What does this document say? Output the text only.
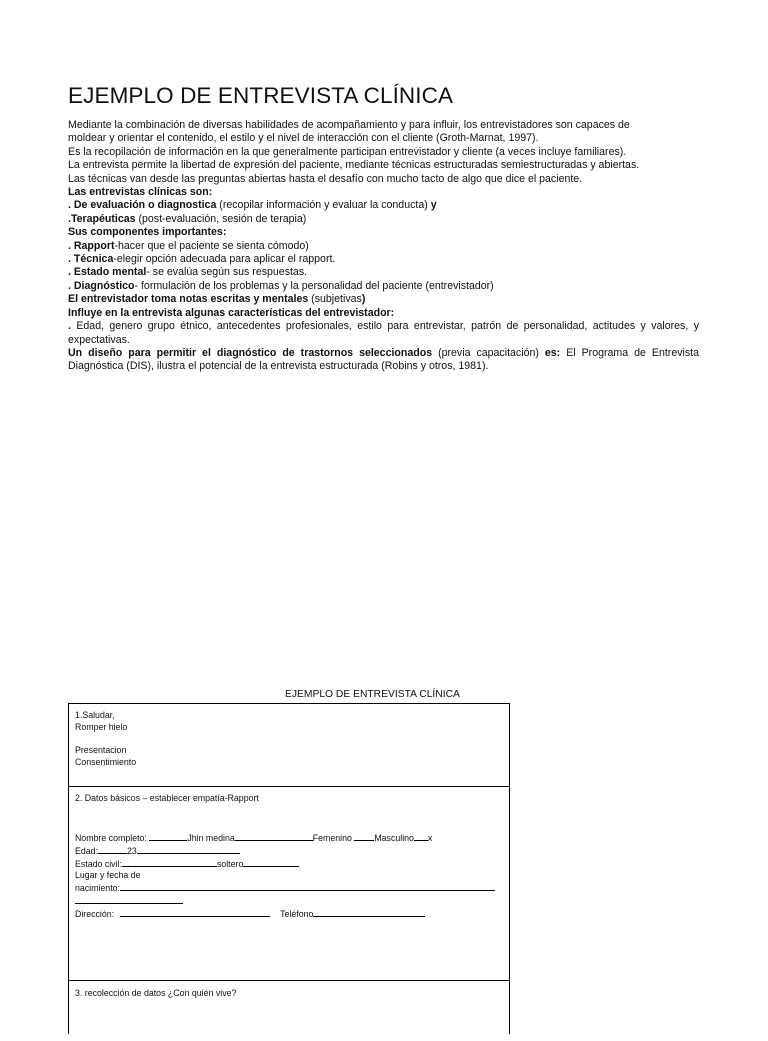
EJEMPLO DE ENTREVISTA CLÍNICA
Mediante la combinación de diversas habilidades de acompañamiento y para influir, los entrevistadores son capaces de
moldear y orientar el contenido, el estilo y el nivel de interacción con el cliente (Groth-Marnat, 1997).
Es la recopilación de información en la que generalmente participan entrevistador y cliente (a veces incluye familiares).
La entrevista permite la libertad de expresión del paciente, mediante técnicas estructuradas semiestructuradas y abiertas.
Las técnicas van desde las preguntas abiertas hasta el desafío con mucho tacto de algo que dice el paciente.
Las entrevistas clínicas son:
. De evaluación o diagnostica (recopilar información y evaluar la conducta) y
.Terapéuticas (post-evaluación, sesión de terapia)
Sus componentes importantes:
. Rapport-hacer que el paciente se sienta cómodo)
. Técnica-elegir opción adecuada para aplicar el rapport.
. Estado mental- se evalúa según sus respuestas.
. Diagnóstico- formulación de los problemas y la personalidad del paciente (entrevistador)
El entrevistador toma notas escritas y mentales (subjetivas)
Influye en la entrevista algunas características del entrevistador:
. Edad, genero grupo étnico, antecedentes profesionales, estilo para entrevistar, patrón de personalidad, actitudes y valores, y expectativas.
Un diseño para permitir el diagnóstico de trastornos seleccionados (previa capacitación) es: El Programa de Entrevista Diagnóstica (DIS), ilustra el potencial de la entrevista estructurada (Robins y otros, 1981).
EJEMPLO DE ENTREVISTA CLÍNICA
1.Saludar,
Romper hielo
Presentacion
Consentimiento
2. Datos básicos – establecer empatía-Rapport
Nombre completo:	Jhin medina	Femenino Masculino x
Edad:	23
Estado civil:	soltero
Lugar y fecha de
nacimiento:
Dirección:	Teléfono
3. recolección de datos ¿Con quién vive?
